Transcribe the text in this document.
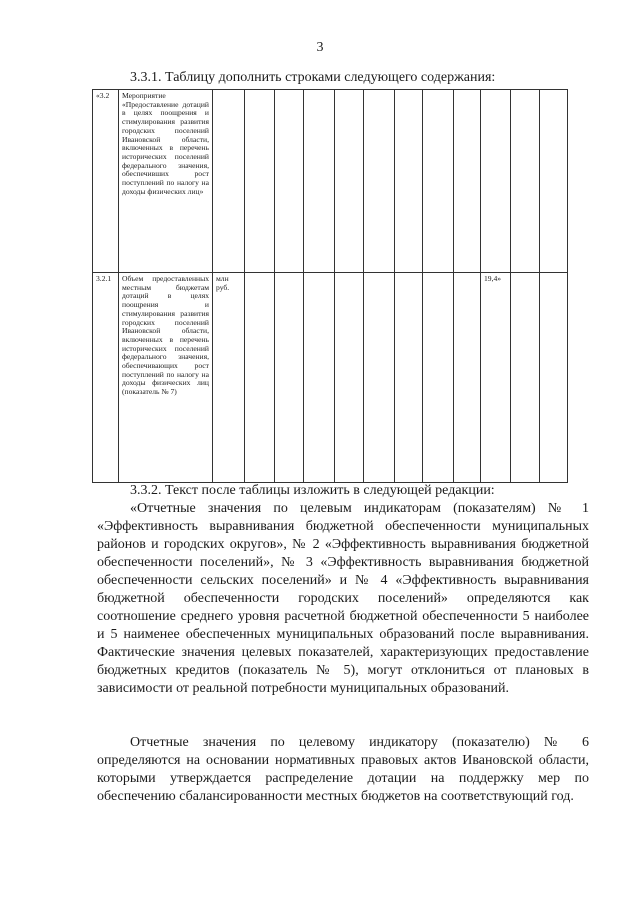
3
3.3.1. Таблицу дополнить строками следующего содержания:
«3.2	Мероприятие «Предоставление дотаций в целях поощрения и стимулирования развития городских поселений Ивановской области, включенных в перечень исторических поселений федерального значения, обеспечивших рост поступлений по налогу на доходы физических лиц»												
3.2.1	Объем предоставленных местным бюджетам дотаций в целях поощрения и стимулирования развития городских поселений Ивановской области, включенных в перечень исторических поселений федерального значения, обеспечивающих рост поступлений по налогу на доходы физических лиц (показатель № 7)	млн руб.									19,4»		

3.3.2. Текст после таблицы изложить в следующей редакции:

«Отчетные значения по целевым индикаторам (показателям) № 1 «Эффективность выравнивания бюджетной обеспеченности муниципальных районов и городских округов», № 2 «Эффективность выравнивания бюджетной обеспеченности поселений», № 3 «Эффективность выравнивания бюджетной обеспеченности сельских поселений» и № 4 «Эффективность выравнивания бюджетной обеспеченности городских поселений» определяются как соотношение среднего уровня расчетной бюджетной обеспеченности 5 наиболее и 5 наименее обеспеченных муниципальных образований после выравнивания. Фактические значения целевых показателей, характеризующих предоставление бюджетных кредитов (показатель № 5), могут отклониться от плановых в зависимости от реальной потребности муниципальных образований.

Отчетные значения по целевому индикатору (показателю) № 6 определяются на основании нормативных правовых актов Ивановской области, которыми утверждается распределение дотации на поддержку мер по обеспечению сбалансированности местных бюджетов на соответствующий год.
